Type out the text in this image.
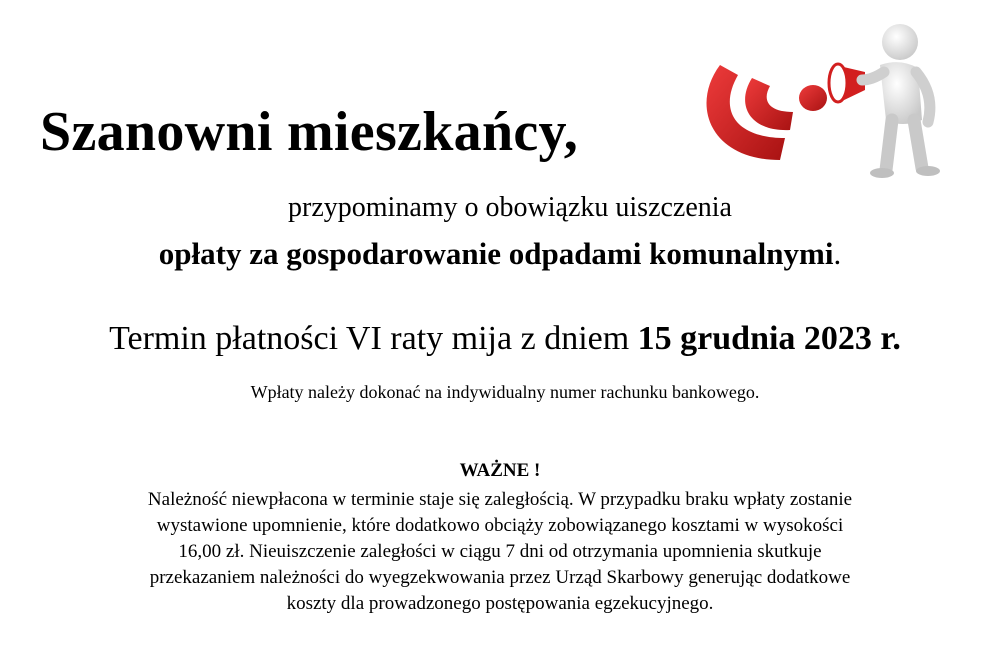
Szanowni mieszkańcy,
przypominamy o obowiązku uiszczenia
opłaty za gospodarowanie odpadami komunalnymi.
Termin płatności VI raty mija z dniem 15 grudnia 2023 r.
Wpłaty należy dokonać na indywidualny numer rachunku bankowego.
WAŻNE !
Należność niewpłacona w terminie staje się zaległością. W przypadku braku wpłaty zostanie
wystawione upomnienie, które dodatkowo obciąży zobowiązanego kosztami w wysokości
16,00 zł. Nieuiszczenie zaległości w ciągu 7 dni od otrzymania upomnienia skutkuje
przekazaniem należności do wyegzekwowania przez Urząd Skarbowy generując dodatkowe
koszty dla prowadzonego postępowania egzekucyjnego.
